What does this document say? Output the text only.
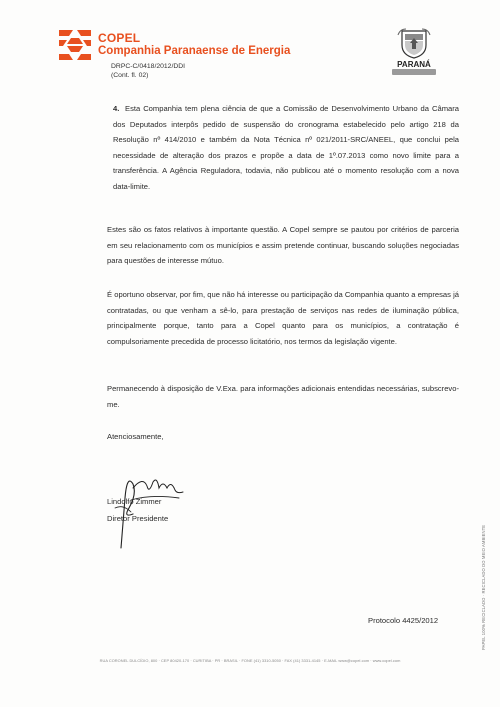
COPEL
Companhia Paranaense de Energia
DRPC-C/0418/2012/DDI
(Cont. fl. 02)
PARANÁ
4. Esta Companhia tem plena ciência de que a Comissão de Desenvolvimento Urbano da Câmara dos Deputados interpôs pedido de suspensão do cronograma estabelecido pelo artigo 218 da Resolução nº 414/2010 e também da Nota Técnica nº 021/2011-SRC/ANEEL, que conclui pela necessidade de alteração dos prazos e propõe a data de 1º.07.2013 como novo limite para a transferência. A Agência Reguladora, todavia, não publicou até o momento resolução com a nova data-limite.

Estes são os fatos relativos à importante questão. A Copel sempre se pautou por critérios de parceria em seu relacionamento com os municípios e assim pretende continuar, buscando soluções negociadas para questões de interesse mútuo.

É oportuno observar, por fim, que não há interesse ou participação da Companhia quanto a empresas já contratadas, ou que venham a sê-lo, para prestação de serviços nas redes de iluminação pública, principalmente porque, tanto para a Copel quanto para os municípios, a contratação é compulsoriamente precedida de processo licitatório, nos termos da legislação vigente.

Permanecendo à disposição de V.Exa. para informações adicionais entendidas necessárias, subscrevo-me.

Atenciosamente,
Lindolfo Zimmer
Diretor Presidente
Protocolo 4425/2012	PAPEL 100% RECICLADO · RECICLADO DO MEIO AMBIENTE
RUA CORONEL DULCÍDIO, 800 · CEP 80420-170 · CURITIBA · PR · BRASIL · FONE (41) 3310-5050 · FAX (41) 3331-4145 · E-MAIL www@copel.com · www.copel.com
